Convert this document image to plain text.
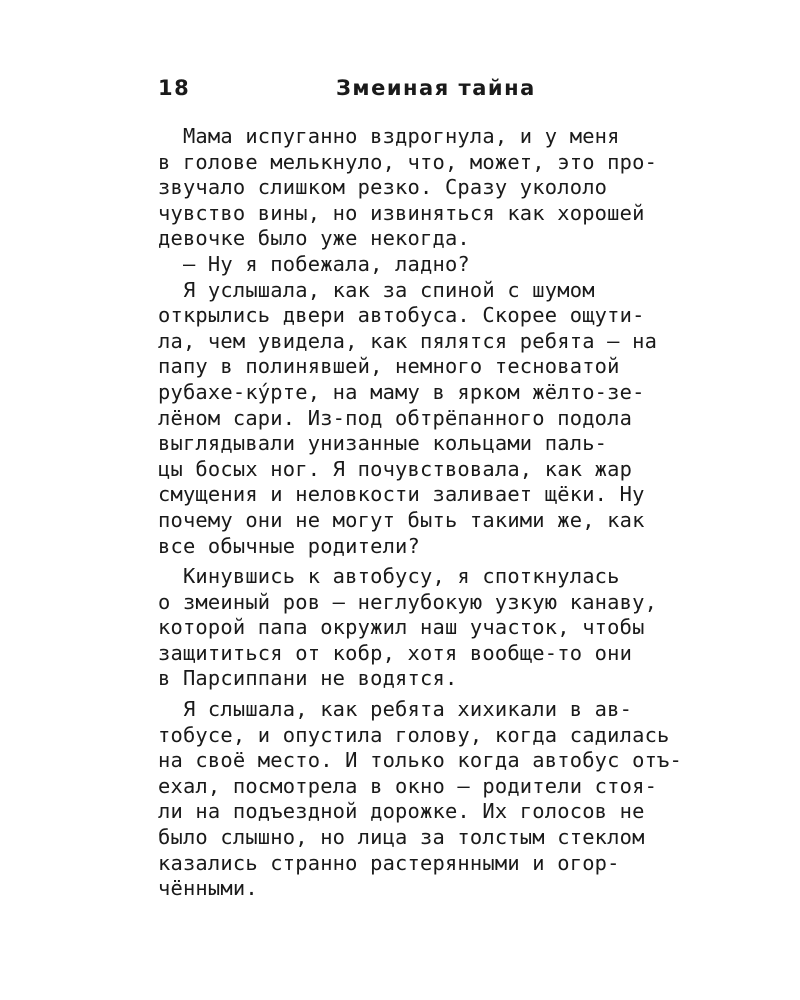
18	Змеиная тайна
Мама испуганно вздрогнула, и у меня
в голове мелькнуло, что, может, это про-
звучало слишком резко. Сразу укололо
чувство вины, но извиняться как хорошей
девочке было уже некогда.
– Ну я побежала, ладно?
Я услышала, как за спиной с шумом
открылись двери автобуса. Скорее ощути-
ла, чем увидела, как пялятся ребята – на
папу в полинявшей, немного тесноватой
рубахе-ку́рте, на маму в ярком жёлто-зе-
лёном сари. Из-под обтрёпанного подола
выглядывали унизанные кольцами паль-
цы босых ног. Я почувствовала, как жар
смущения и неловкости заливает щёки. Ну
почему они не могут быть такими же, как
все обычные родители?
Кинувшись к автобусу, я споткнулась
о змеиный ров – неглубокую узкую канаву,
которой папа окружил наш участок, чтобы
защититься от кобр, хотя вообще-то они
в Парсиппани не водятся.
Я слышала, как ребята хихикали в ав-
тобусе, и опустила голову, когда садилась
на своё место. И только когда автобус отъ-
ехал, посмотрела в окно – родители стоя-
ли на подъездной дорожке. Их голосов не
было слышно, но лица за толстым стеклом
казались странно растерянными и огор-
чёнными.
